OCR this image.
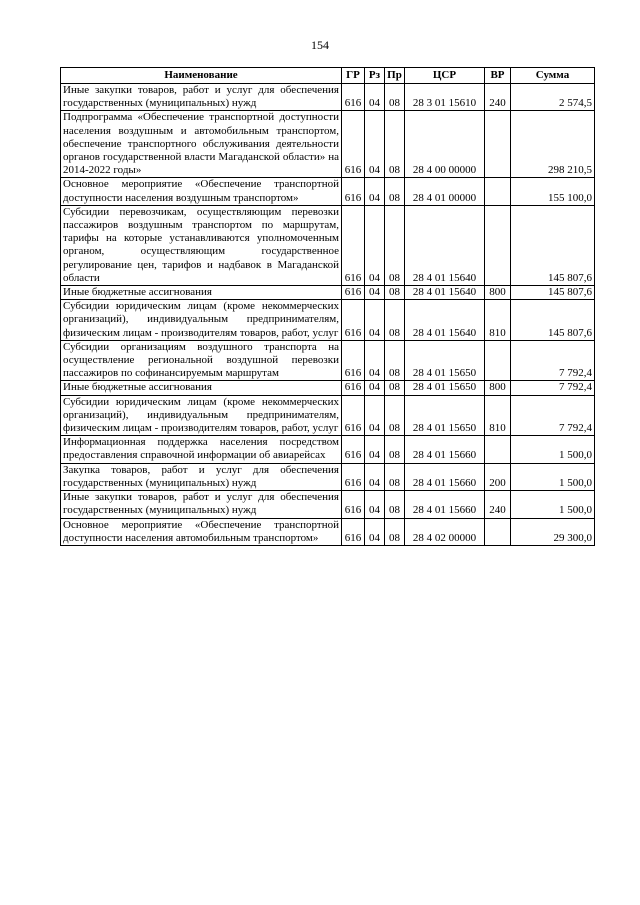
154
Наименование	ГР	Рз	Пр	ЦСР	ВР	Сумма
Иные закупки товаров, работ и услуг для обеспечения государственных (муниципальных) нужд	616	04	08	28 3 01 15610	240	2 574,5
Подпрограмма «Обеспечение транспортной доступности населения воздушным и автомобильным транспортом, обеспечение транспортного обслуживания деятельности органов государственной власти Магаданской области» на 2014-2022 годы»	616	04	08	28 4 00 00000		298 210,5
Основное мероприятие «Обеспечение транспортной доступности населения воздушным транспортом»	616	04	08	28 4 01 00000		155 100,0
Субсидии перевозчикам, осуществляющим перевозки пассажиров воздушным транспортом по маршрутам, тарифы на которые устанавливаются уполномоченным органом, осуществляющим государственное регулирование цен, тарифов и надбавок в Магаданской области	616	04	08	28 4 01 15640		145 807,6
Иные бюджетные ассигнования	616	04	08	28 4 01 15640	800	145 807,6
Субсидии юридическим лицам (кроме некоммерческих организаций), индивидуальным предпринимателям, физическим лицам - производителям товаров, работ, услуг	616	04	08	28 4 01 15640	810	145 807,6
Субсидии организациям воздушного транспорта на осуществление региональной воздушной перевозки пассажиров по софинансируемым маршрутам	616	04	08	28 4 01 15650		7 792,4
Иные бюджетные ассигнования	616	04	08	28 4 01 15650	800	7 792,4
Субсидии юридическим лицам (кроме некоммерческих организаций), индивидуальным предпринимателям, физическим лицам - производителям товаров, работ, услуг	616	04	08	28 4 01 15650	810	7 792,4
Информационная поддержка населения посредством предоставления справочной информации об авиарейсах	616	04	08	28 4 01 15660		1 500,0
Закупка товаров, работ и услуг для обеспечения государственных (муниципальных) нужд	616	04	08	28 4 01 15660	200	1 500,0
Иные закупки товаров, работ и услуг для обеспечения государственных (муниципальных) нужд	616	04	08	28 4 01 15660	240	1 500,0
Основное мероприятие «Обеспечение транспортной доступности населения автомобильным транспортом»	616	04	08	28 4 02 00000		29 300,0
